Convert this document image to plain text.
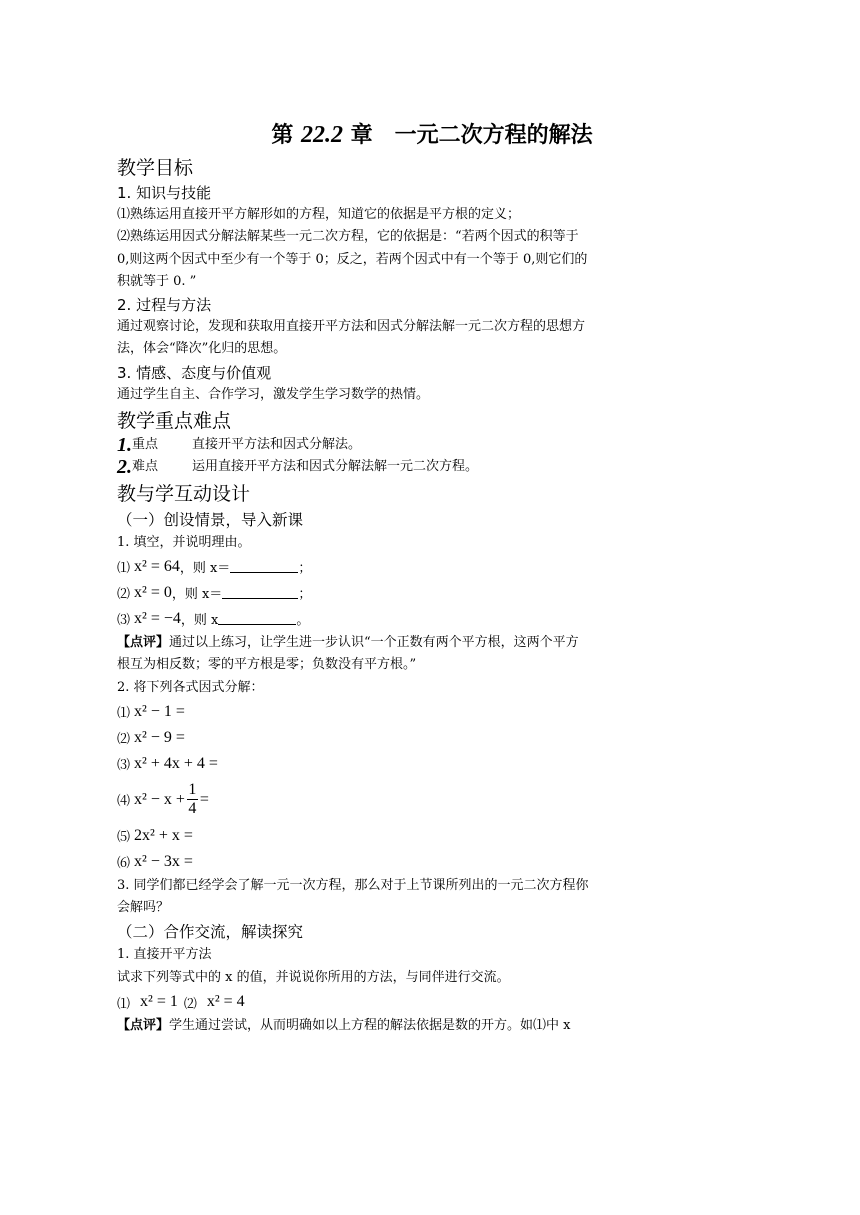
第 22.2 章　一元二次方程的解法
教学目标
1. 知识与技能

⑴熟练运用直接开平方解形如的方程，知道它的依据是平方根的定义；

⑵熟练运用因式分解法解某些一元二次方程，它的依据是：“若两个因式的积等于

0,则这两个因式中至少有一个等于 0；反之，若两个因式中有一个等于 0,则它们的

积就等于 0. ”

2. 过程与方法

通过观察讨论，发现和获取用直接开平方法和因式分解法解一元二次方程的思想方

法，体会“降次”化归的思想。

3. 情感、态度与价值观

通过学生自主、合作学习，激发学生学习数学的热情。

教学重点难点

1. 重点	直接开平方法和因式分解法。

2. 难点	运用直接开平方法和因式分解法解一元二次方程。

教与学互动设计
（一）创设情景，导入新课

1. 填空，并说明理由。

⑴ x² = 64 ，则 x＝	；
⑵ x² = 0 ，则 x＝	；
⑶ x² = −4 ，则 x	。

【点评】通过以上练习，让学生进一步认识“一个正数有两个平方根，这两个平方

根互为相反数；零的平方根是零；负数没有平方根。”

2. 将下列各式因式分解：

⑴ x² − 1 =
⑵ x² − 9 =
⑶ x² + 4x + 4 =
⑷ $x^2 - x + \frac{1}{4}$ =
⑸ 2x² + x =
⑹ x² − 3x =

3. 同学们都已经学会了解一元一次方程，那么对于上节课所列出的一元二次方程你

会解吗？

（二）合作交流，解读探究

1. 直接开平方法

试求下列等式中的 x 的值，并说说你所用的方法，与同伴进行交流。

⑴ x² = 1 ⑵ x² = 4

【点评】学生通过尝试，从而明确如以上方程的解法依据是数的开方。如⑴中 x
